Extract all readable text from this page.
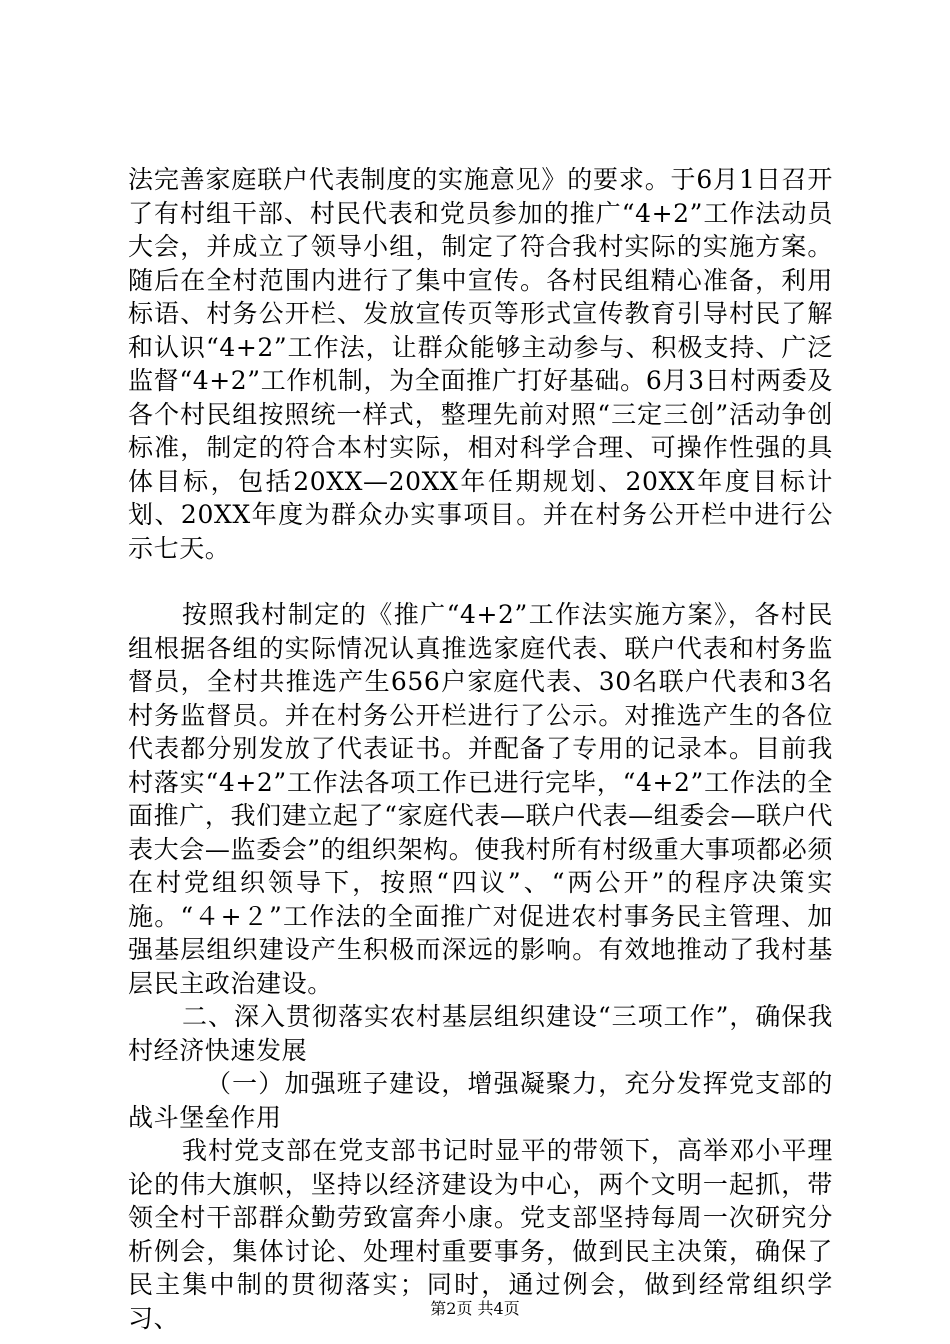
法完善家庭联户代表制度的实施意见》的要求。于6月1日召开了有村组干部、村民代表和党员参加的推广“4+2”工作法动员大会，并成立了领导小组，制定了符合我村实际的实施方案。随后在全村范围内进行了集中宣传。各村民组精心准备，利用标语、村务公开栏、发放宣传页等形式宣传教育引导村民了解和认识“4+2”工作法，让群众能够主动参与、积极支持、广泛监督“4+2”工作机制，为全面推广打好基础。6月3日村两委及各个村民组按照统一样式，整理先前对照“三定三创”活动争创标准，制定的符合本村实际，相对科学合理、可操作性强的具体目标，包括20XX—20XX年任期规划、20XX年度目标计划、20XX年度为群众办实事项目。并在村务公开栏中进行公示七天。

按照我村制定的《推广“4+2”工作法实施方案》，各村民组根据各组的实际情况认真推选家庭代表、联户代表和村务监督员，全村共推选产生656户家庭代表、30名联户代表和3名村务监督员。并在村务公开栏进行了公示。对推选产生的各位代表都分别发放了代表证书。并配备了专用的记录本。目前我村落实“4+2”工作法各项工作已进行完毕，“4+2”工作法的全面推广，我们建立起了“家庭代表—联户代表—组委会—联户代表大会—监委会”的组织架构。使我村所有村级重大事项都必须在村党组织领导下，按照“四议”、“两公开”的程序决策实施。“４+２”工作法的全面推广对促进农村事务民主管理、加强基层组织建设产生积极而深远的影响。有效地推动了我村基层民主政治建设。

二、深入贯彻落实农村基层组织建设“三项工作”，确保我村经济快速发展

（一）加强班子建设，增强凝聚力，充分发挥党支部的战斗堡垒作用

我村党支部在党支部书记时显平的带领下，高举邓小平理论的伟大旗帜，坚持以经济建设为中心，两个文明一起抓，带领全村干部群众勤劳致富奔小康。党支部坚持每周一次研究分析例会，集体讨论、处理村重要事务，做到民主决策，确保了民主集中制的贯彻落实；同时，通过例会，做到经常组织学习、	第2页 共4页
